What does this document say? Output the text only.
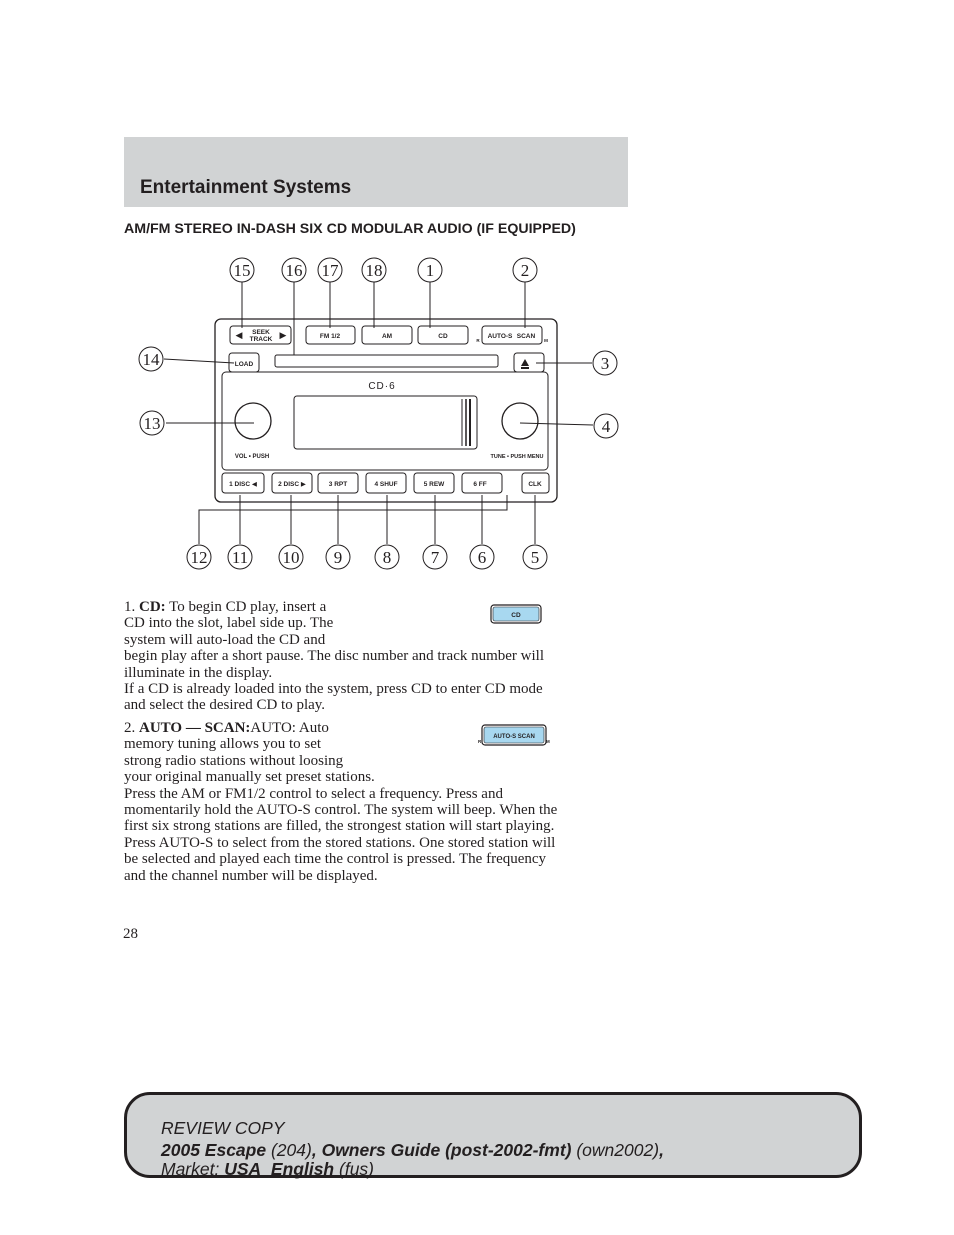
Entertainment Systems
AM/FM STEREO IN-DASH SIX CD MODULAR AUDIO (IF EQUIPPED)
15 16 17 18	1	2
14	3
13	4
12 11 10 9 8 7 6	5
◀	▶
SEEK
TRACK	FM 1/2	AM	CD	AUTO-S SCAN
R	M
LOAD
CD·6
VOL • PUSH	TUNE • PUSH MENU
1 DISC ◀	2 DISC ▶	3 RPT	4 SHUF	5 REW	6 FF	CLK

1. CD: To begin CD play, insert a

CD into the slot, label side up. The

system will auto-load the CD and

begin play after a short pause. The disc number and track number will

illuminate in the display.

If a CD is already loaded into the system, press CD to enter CD mode

and select the desired CD to play.

CD

2. AUTO — SCAN:AUTO: Auto

memory tuning allows you to set

strong radio stations without loosing

your original manually set preset stations.

Press the AM or FM1/2 control to select a frequency. Press and

momentarily hold the AUTO-S control. The system will beep. When the

first six strong stations are filled, the strongest station will start playing.

Press AUTO-S to select from the stored stations. One stored station will

be selected and played each time the control is pressed. The frequency

and the channel number will be displayed.

R
AUTO-S SCAN
M
28
REVIEW COPY
2005 Escape (204), Owners Guide (post-2002-fmt) (own2002),
Market: USA_English (fus)
